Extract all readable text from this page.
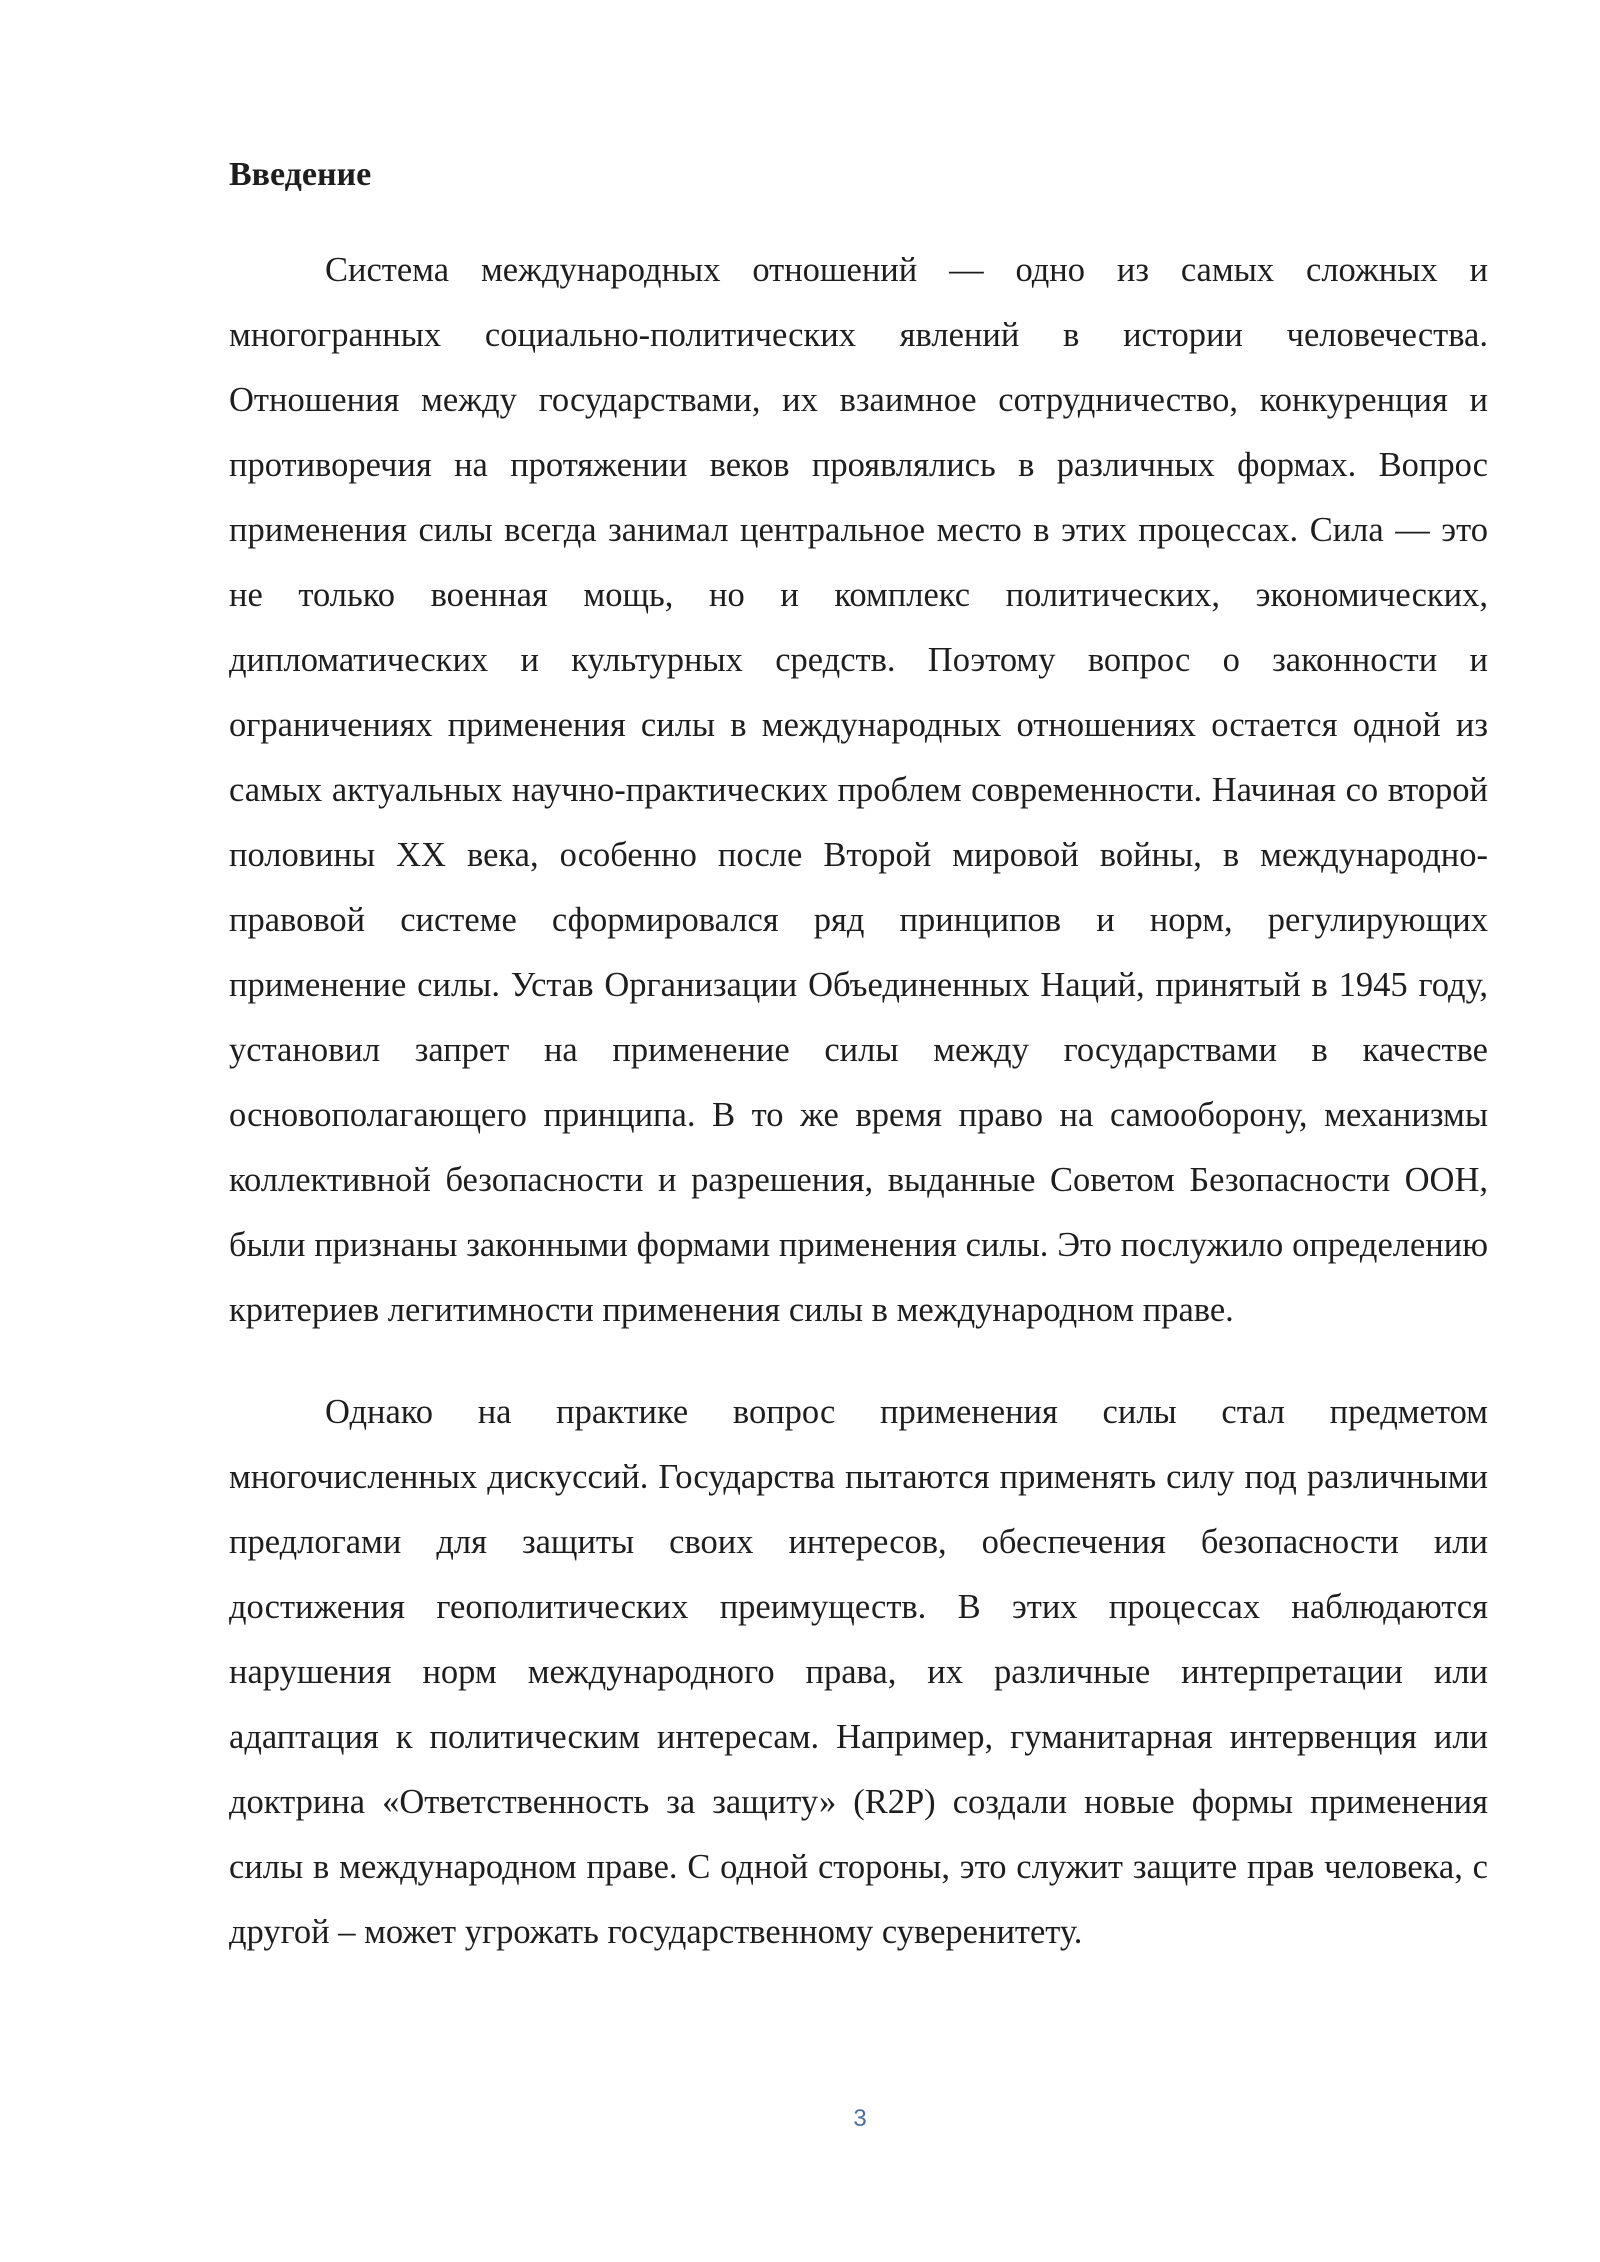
Введение

Система международных отношений — одно из самых сложных и многогранных социально-политических явлений в истории человечества. Отношения между государствами, их взаимное сотрудничество, конкуренция и противоречия на протяжении веков проявлялись в различных формах. Вопрос применения силы всегда занимал центральное место в этих процессах. Сила — это не только военная мощь, но и комплекс политических, экономических, дипломатических и культурных средств. Поэтому вопрос о законности и ограничениях применения силы в международных отношениях остается одной из самых актуальных научно-практических проблем современности. Начиная со второй половины XX века, особенно после Второй мировой войны, в международно-правовой системе сформировался ряд принципов и норм, регулирующих применение силы. Устав Организации Объединенных Наций, принятый в 1945 году, установил запрет на применение силы между государствами в качестве основополагающего принципа. В то же время право на самооборону, механизмы коллективной безопасности и разрешения, выданные Советом Безопасности ООН, были признаны законными формами применения силы. Это послужило определению критериев легитимности применения силы в международном праве.

Однако на практике вопрос применения силы стал предметом многочисленных дискуссий. Государства пытаются применять силу под различными предлогами для защиты своих интересов, обеспечения безопасности или достижения геополитических преимуществ. В этих процессах наблюдаются нарушения норм международного права, их различные интерпретации или адаптация к политическим интересам. Например, гуманитарная интервенция или доктрина «Ответственность за защиту» (R2P) создали новые формы применения силы в международном праве. С одной стороны, это служит защите прав человека, с другой – может угрожать государственному суверенитету.

3
